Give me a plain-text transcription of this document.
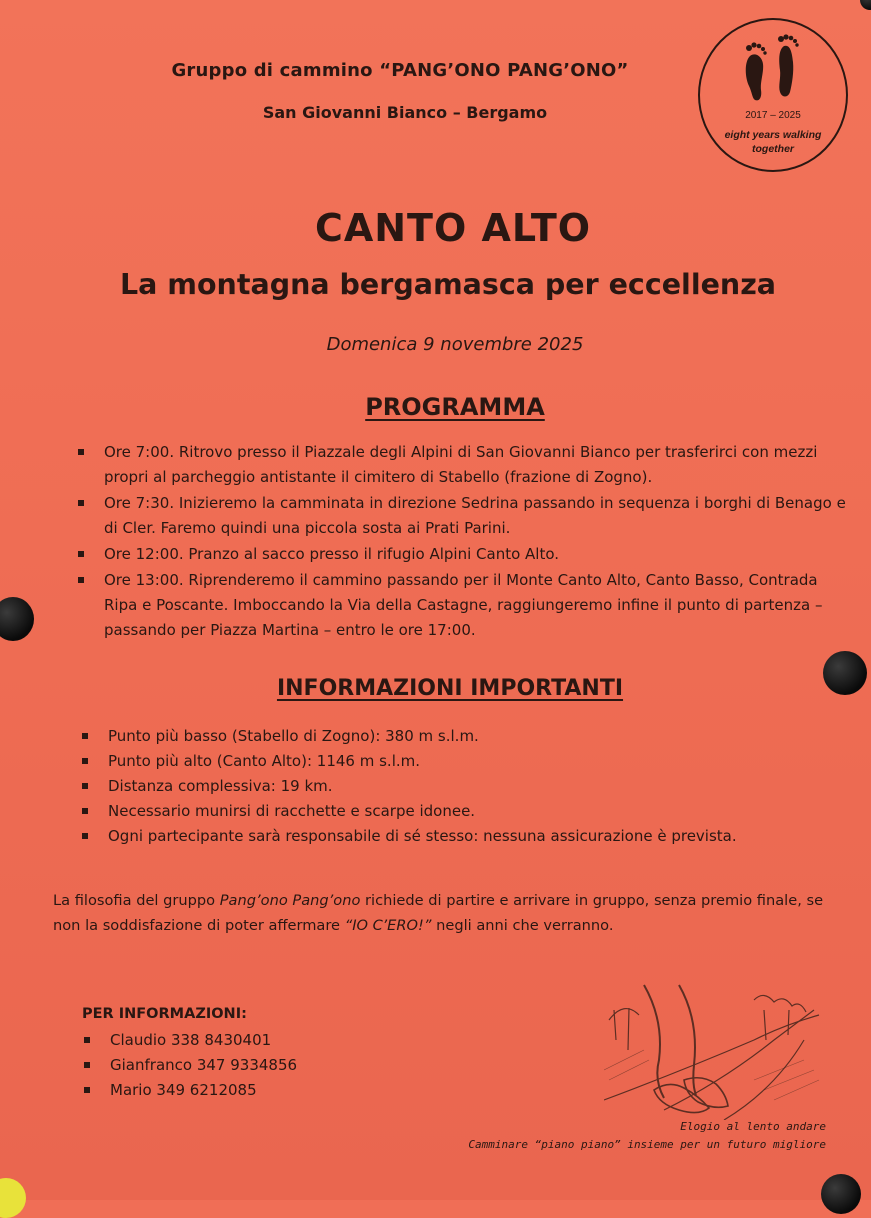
Gruppo di cammino “PANG’ONO PANG’ONO”
San Giovanni Bianco – Bergamo	2017 – 2025
eight years walking
together
CANTO ALTO
La montagna bergamasca per eccellenza
Domenica 9 novembre 2025
PROGRAMMA
Ore 7:00. Ritrovo presso il Piazzale degli Alpini di San Giovanni Bianco per trasferirci con mezzi propri al parcheggio antistante il cimitero di Stabello (frazione di Zogno).
Ore 7:30. Inizieremo la camminata in direzione Sedrina passando in sequenza i borghi di Benago e di Cler. Faremo quindi una piccola sosta ai Prati Parini.
Ore 12:00. Pranzo al sacco presso il rifugio Alpini Canto Alto.
Ore 13:00. Riprenderemo il cammino passando per il Monte Canto Alto, Canto Basso, Contrada Ripa e Poscante. Imboccando la Via della Castagne, raggiungeremo infine il punto di partenza – passando per Piazza Martina – entro le ore 17:00.
INFORMAZIONI IMPORTANTI
Punto più basso (Stabello di Zogno): 380 m s.l.m.
Punto più alto (Canto Alto): 1146 m s.l.m.
Distanza complessiva: 19 km.
Necessario munirsi di racchette e scarpe idonee.
Ogni partecipante sarà responsabile di sé stesso: nessuna assicurazione è prevista.
La filosofia del gruppo Pang’ono Pang’ono richiede di partire e arrivare in gruppo, senza premio finale, se non la soddisfazione di poter affermare “IO C’ERO!” negli anni che verranno.
PER INFORMAZIONI:
Claudio 338 8430401
Gianfranco 347 9334856
Mario 349 6212085
Elogio al lento andare
Camminare “piano piano” insieme per un futuro migliore
